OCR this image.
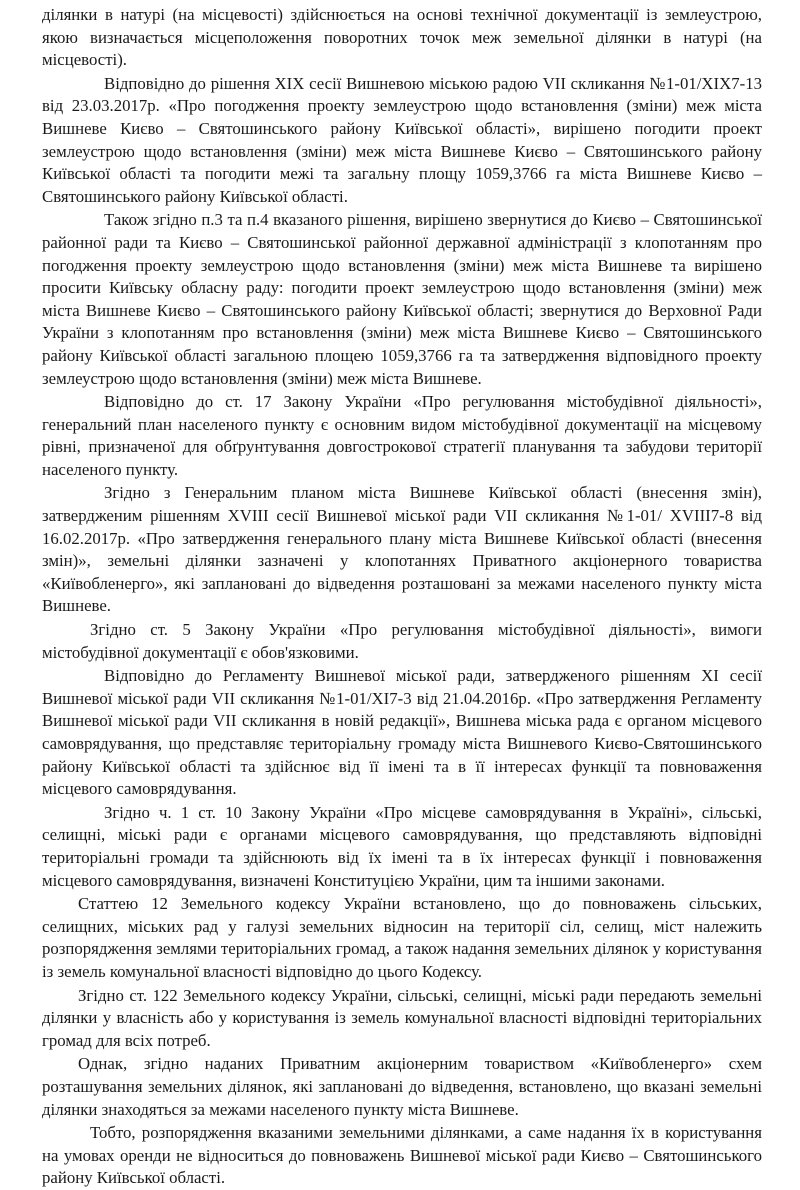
ділянки в натурі (на місцевості) здійснюється на основі технічної документації із землеустрою, якою визначається місцеположення поворотних точок меж земельної ділянки в натурі (на місцевості).

Відповідно до рішення XIX сесії Вишневою міською радою VII скликання №1-01/XIX7-13 від 23.03.2017р. «Про погодження проекту землеустрою щодо встановлення (зміни) меж міста Вишневе Києво – Святошинського району Київської області», вирішено погодити проект землеустрою щодо встановлення (зміни) меж міста Вишневе Києво – Святошинського району Київської області та погодити межі та загальну площу 1059,3766 га міста Вишневе Києво – Святошинського району Київської області.

Також згідно п.3 та п.4 вказаного рішення, вирішено звернутися до Києво – Святошинської районної ради та Києво – Святошинської районної державної адміністрації з клопотанням про погодження проекту землеустрою щодо встановлення (зміни) меж міста Вишневе та вирішено просити Київську обласну раду: погодити проект землеустрою щодо встановлення (зміни) меж міста Вишневе Києво – Святошинського району Київської області; звернутися до Верховної Ради України з клопотанням про встановлення (зміни) меж міста Вишневе Києво – Святошинського району Київської області загальною площею 1059,3766 га та затвердження відповідного проекту землеустрою щодо встановлення (зміни) меж міста Вишневе.

Відповідно до ст. 17 Закону України «Про регулювання містобудівної діяльності», генеральний план населеного пункту є основним видом містобудівної документації на місцевому рівні, призначеної для обґрунтування довгострокової стратегії планування та забудови території населеного пункту.

Згідно з Генеральним планом міста Вишневе Київської області (внесення змін), затвердженим рішенням XVIII сесії Вишневої міської ради VII скликання №1-01/ XVIII7-8 від 16.02.2017р. «Про затвердження генерального плану міста Вишневе Київської області (внесення змін)», земельні ділянки зазначені у клопотаннях Приватного акціонерного товариства «Київобленерго», які заплановані до відведення розташовані за межами населеного пункту міста Вишневе.

Згідно ст. 5 Закону України «Про регулювання містобудівної діяльності», вимоги містобудівної документації є обов'язковими.

Відповідно до Регламенту Вишневої міської ради, затвердженого рішенням XI сесії Вишневої міської ради VII скликання №1-01/XI7-3 від 21.04.2016р. «Про затвердження Регламенту Вишневої міської ради VII скликання в новій редакції», Вишнева міська рада є органом місцевого самоврядування, що представляє територіальну громаду міста Вишневого Києво-Святошинського району Київської області та здійснює від її імені та в її інтересах функції та повноваження місцевого самоврядування.

Згідно ч. 1 ст. 10 Закону України «Про місцеве самоврядування в Україні», сільські, селищні, міські ради є органами місцевого самоврядування, що представляють відповідні територіальні громади та здійснюють від їх імені та в їх інтересах функції і повноваження місцевого самоврядування, визначені Конституцією України, цим та іншими законами.

Статтею 12 Земельного кодексу України встановлено, що до повноважень сільських, селищних, міських рад у галузі земельних відносин на території сіл, селищ, міст належить розпорядження землями територіальних громад, а також надання земельних ділянок у користування із земель комунальної власності відповідно до цього Кодексу.

Згідно ст. 122 Земельного кодексу України, сільські, селищні, міські ради передають земельні ділянки у власність або у користування із земель комунальної власності відповідні територіальних громад для всіх потреб.

Однак, згідно наданих Приватним акціонерним товариством «Київобленерго» схем розташування земельних ділянок, які заплановані до відведення, встановлено, що вказані земельні ділянки знаходяться за межами населеного пункту міста Вишневе.

Тобто, розпорядження вказаними земельними ділянками, а саме надання їх в користування на умовах оренди не відноситься до повноважень Вишневої міської ради Києво – Святошинського району Київської області.
